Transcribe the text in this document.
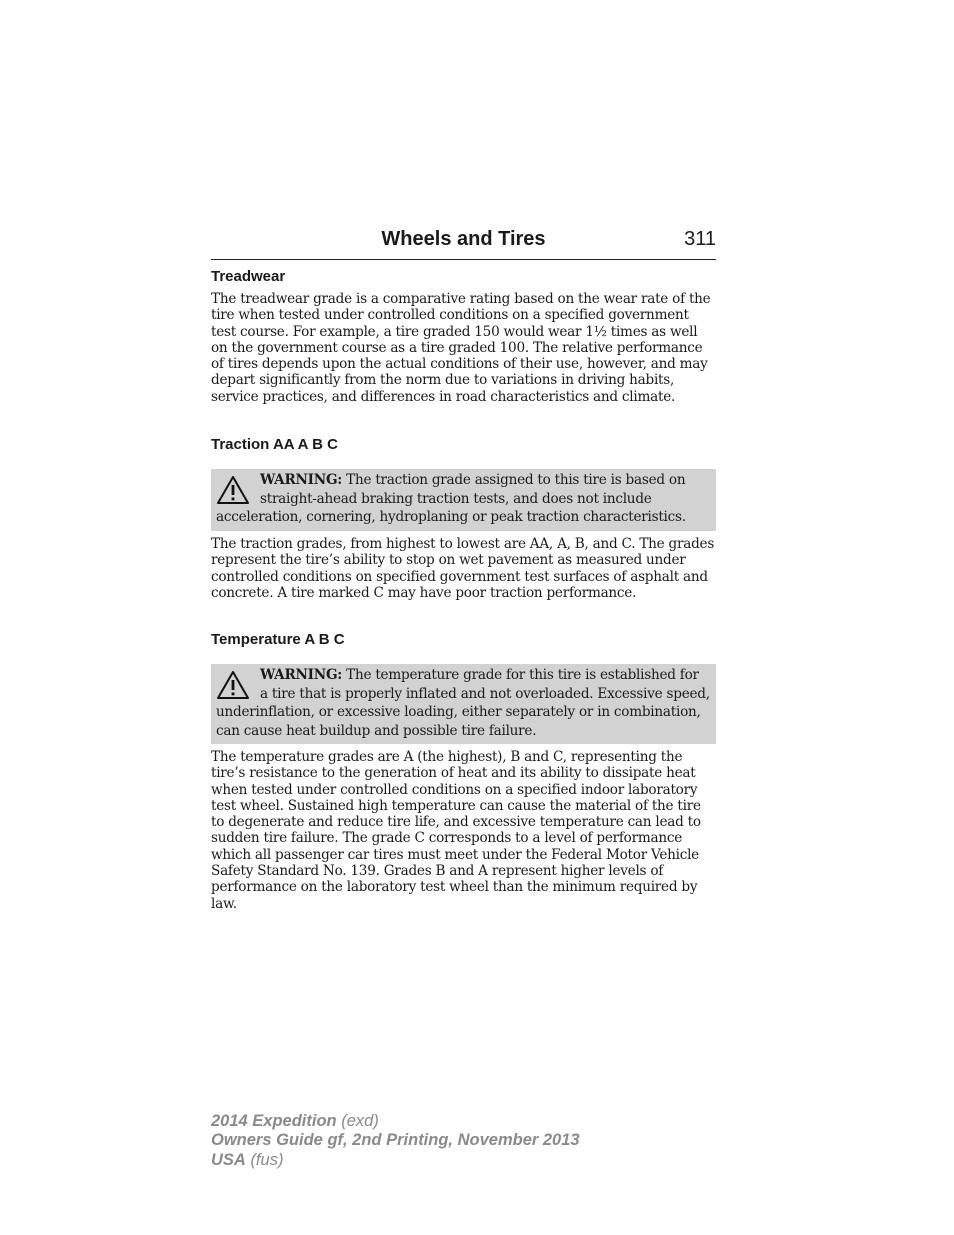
Wheels and Tires	311
Treadwear

The treadwear grade is a comparative rating based on the wear rate of the tire when tested under controlled conditions on a specified government test course. For example, a tire graded 150 would wear 1½ times as well on the government course as a tire graded 100. The relative performance of tires depends upon the actual conditions of their use, however, and may depart significantly from the norm due to variations in driving habits, service practices, and differences in road characteristics and climate.

Traction AA A B C
WARNING: The traction grade assigned to this tire is based on straight-ahead braking traction tests, and does not include acceleration, cornering, hydroplaning or peak traction characteristics.

The traction grades, from highest to lowest are AA, A, B, and C. The grades represent the tire’s ability to stop on wet pavement as measured under controlled conditions on specified government test surfaces of asphalt and concrete. A tire marked C may have poor traction performance.

Temperature A B C
WARNING: The temperature grade for this tire is established for a tire that is properly inflated and not overloaded. Excessive speed, underinflation, or excessive loading, either separately or in combination, can cause heat buildup and possible tire failure.

The temperature grades are A (the highest), B and C, representing the tire’s resistance to the generation of heat and its ability to dissipate heat when tested under controlled conditions on a specified indoor laboratory test wheel. Sustained high temperature can cause the material of the tire to degenerate and reduce tire life, and excessive temperature can lead to sudden tire failure. The grade C corresponds to a level of performance which all passenger car tires must meet under the Federal Motor Vehicle Safety Standard No. 139. Grades B and A represent higher levels of performance on the laboratory test wheel than the minimum required by law.

2014 Expedition (exd)
Owners Guide gf, 2nd Printing, November 2013
USA (fus)
